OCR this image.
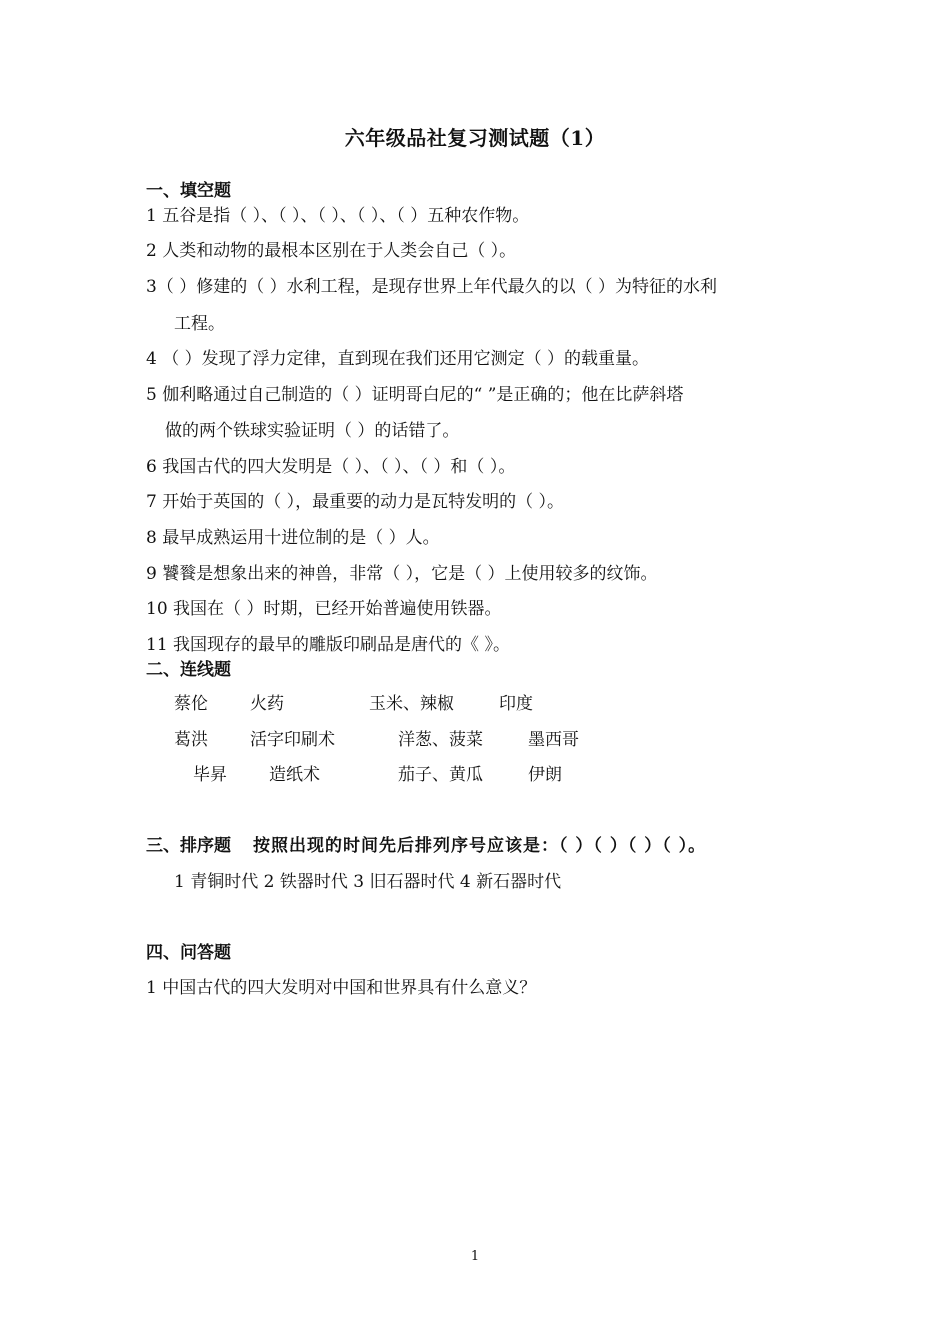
六年级品社复习测试题（1）
一、填空题
1 五谷是指（ ）、（ ）、（ ）、（ ）、（ ）五种农作物。
2 人类和动物的最根本区别在于人类会自己（ ）。
3（ ）修建的（ ）水利工程，是现存世界上年代最久的以（ ）为特征的水利
工程。
4 （ ）发现了浮力定律，直到现在我们还用它测定（ ）的载重量。
5 伽利略通过自己制造的（ ）证明哥白尼的“ ”是正确的；他在比萨斜塔
做的两个铁球实验证明（ ）的话错了。
6 我国古代的四大发明是（ ）、（ ）、（ ）和（ ）。
7 开始于英国的（ ），最重要的动力是瓦特发明的（ ）。
8 最早成熟运用十进位制的是（ ）人。
9 饕餮是想象出来的神兽，非常（ ），它是（ ）上使用较多的纹饰。
10 我国在（ ）时期，已经开始普遍使用铁器。
11 我国现存的最早的雕版印刷品是唐代的《 》。
二、连线题
蔡伦 火药	玉米、辣椒	印度
葛洪 活字印刷术	洋葱、菠菜	墨西哥
毕昇 造纸术	茄子、黄瓜	伊朗
三、排序题 按照出现的时间先后排列序号应该是：（ ）（ ）（ ）（ ）。
1 青铜时代 2 铁器时代 3 旧石器时代 4 新石器时代
四、问答题
1 中国古代的四大发明对中国和世界具有什么意义？
1
